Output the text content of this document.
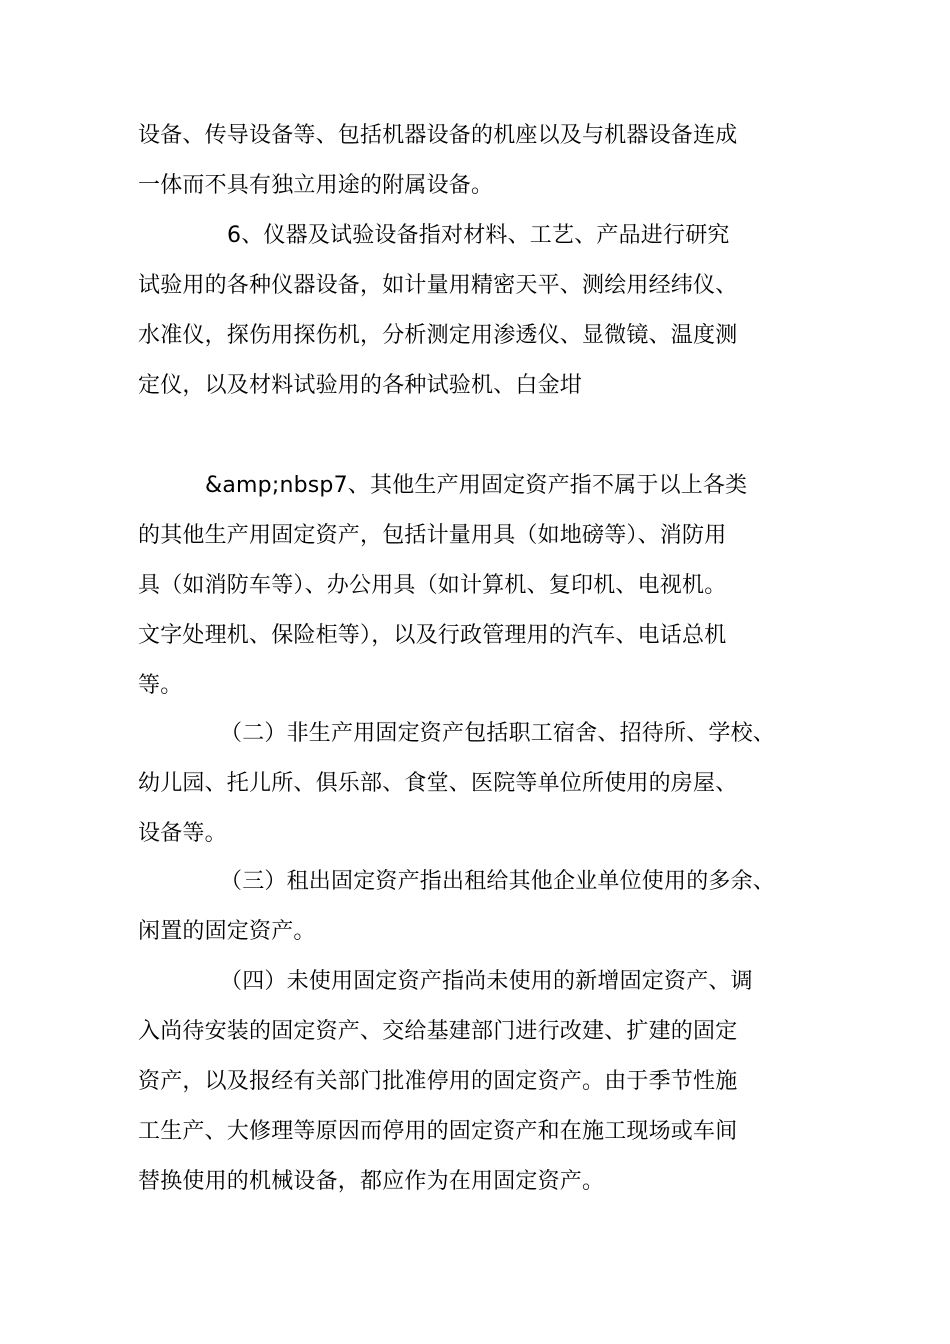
设备、传导设备等、包括机器设备的机座以及与机器设备连成
一体而不具有独立用途的附属设备。
6、仪器及试验设备指对材料、工艺、产品进行研究
试验用的各种仪器设备，如计量用精密天平、测绘用经纬仪、
水准仪，探伤用探伤机，分析测定用渗透仪、显微镜、温度测
定仪，以及材料试验用的各种试验机、白金坩
&amp;nbsp7、其他生产用固定资产指不属于以上各类
的其他生产用固定资产，包括计量用具（如地磅等）、消防用
具（如消防车等）、办公用具（如计算机、复印机、电视机。
文字处理机、保险柜等），以及行政管理用的汽车、电话总机
等。
（二）非生产用固定资产包括职工宿舍、招待所、学校、
幼儿园、托儿所、俱乐部、食堂、医院等单位所使用的房屋、
设备等。
（三）租出固定资产指出租给其他企业单位使用的多余、
闲置的固定资产。
（四）未使用固定资产指尚未使用的新增固定资产、调
入尚待安装的固定资产、交给基建部门进行改建、扩建的固定
资产，以及报经有关部门批准停用的固定资产。由于季节性施
工生产、大修理等原因而停用的固定资产和在施工现场或车间
替换使用的机械设备，都应作为在用固定资产。
